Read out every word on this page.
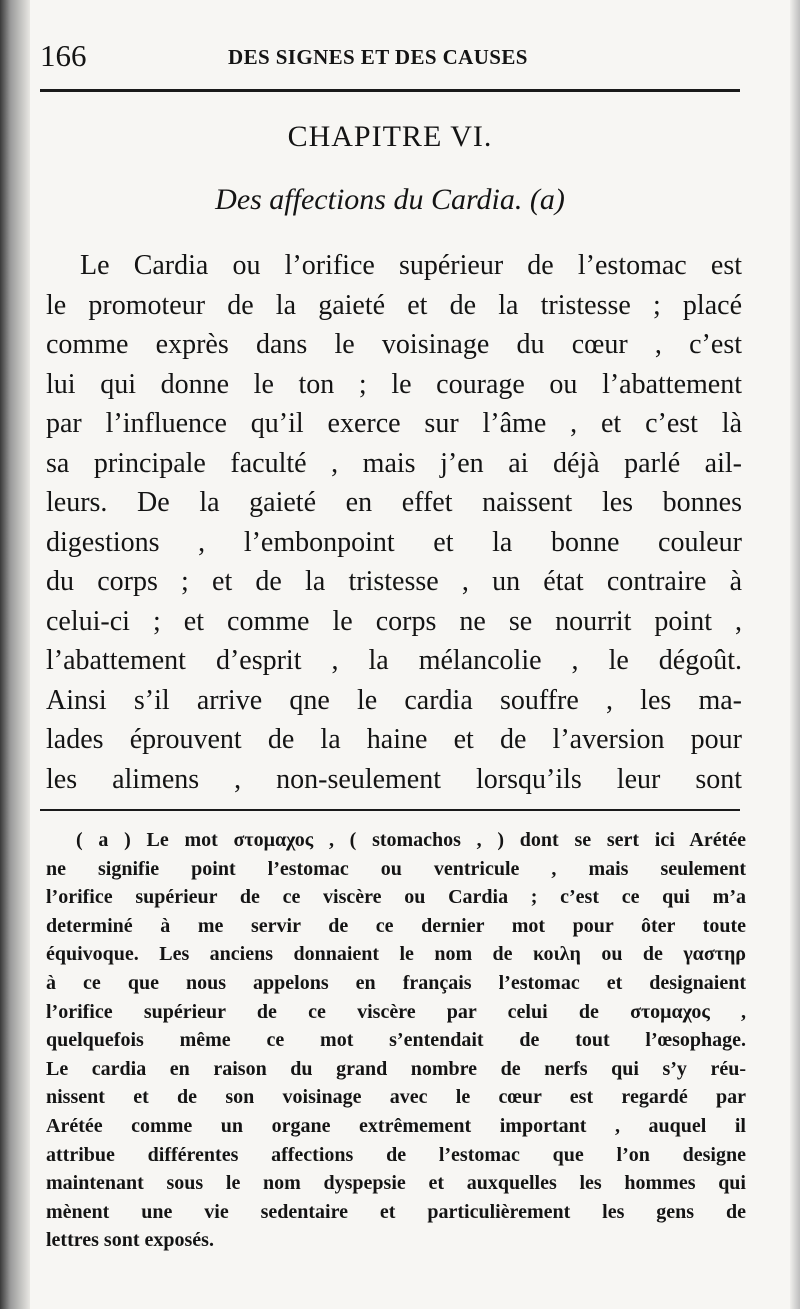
166	DES SIGNES ET DES CAUSES
CHAPITRE VI.
Des affections du Cardia. (a)
Le Cardia ou l’orifice supérieur de l’estomac est
le promoteur de la gaieté et de la tristesse ; placé
comme exprès dans le voisinage du cœur , c’est
lui qui donne le ton ; le courage ou l’abattement
par l’influence qu’il exerce sur l’âme , et c’est là
sa principale faculté , mais j’en ai déjà parlé ail-
leurs. De la gaieté en effet naissent les bonnes
digestions , l’embonpoint et la bonne couleur
du corps ; et de la tristesse , un état contraire à
celui-ci ; et comme le corps ne se nourrit point ,
l’abattement d’esprit , la mélancolie , le dégoût.
Ainsi s’il arrive qne le cardia souffre , les ma-
lades éprouvent de la haine et de l’aversion pour
les alimens , non-seulement lorsqu’ils leur sont
( a ) Le mot στομαχος , ( stomachos , ) dont se sert ici Arétée
ne signifie point l’estomac ou ventricule , mais seulement
l’orifice supérieur de ce viscère ou Cardia ; c’est ce qui m’a
determiné à me servir de ce dernier mot pour ôter toute
équivoque. Les anciens donnaient le nom de κοιλη ou de γαστηρ
à ce que nous appelons en français l’estomac et designaient
l’orifice supérieur de ce viscère par celui de στομαχος ,
quelquefois même ce mot s’entendait de tout l’œsophage.
Le cardia en raison du grand nombre de nerfs qui s’y réu-
nissent et de son voisinage avec le cœur est regardé par
Arétée comme un organe extrêmement important , auquel il
attribue différentes affections de l’estomac que l’on designe
maintenant sous le nom dyspepsie et auxquelles les hommes qui
mènent une vie sedentaire et particulièrement les gens de
lettres sont exposés.
